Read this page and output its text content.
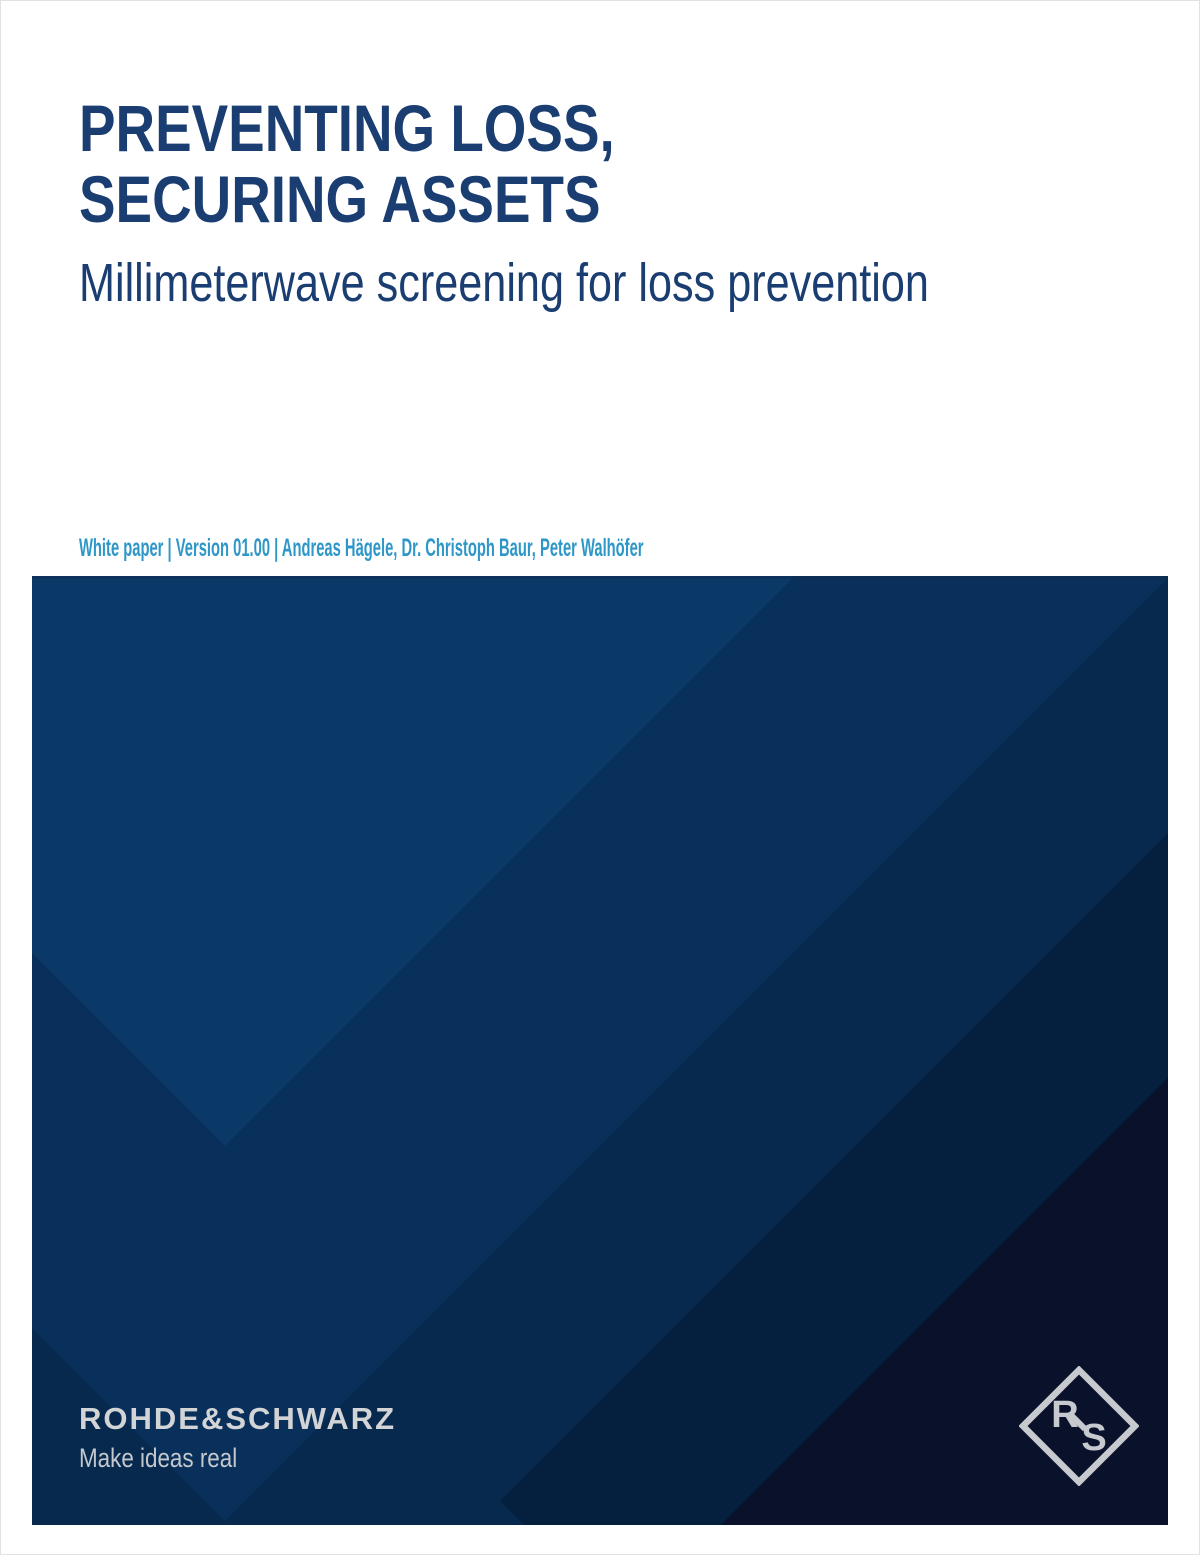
PREVENTING LOSS,
SECURING ASSETS
Millimeterwave screening for loss prevention
White paper | Version 01.00 | Andreas Hägele, Dr. Christoph Baur, Peter Walhöfer
ROHDE&SCHWARZ
Make ideas real
R
S
